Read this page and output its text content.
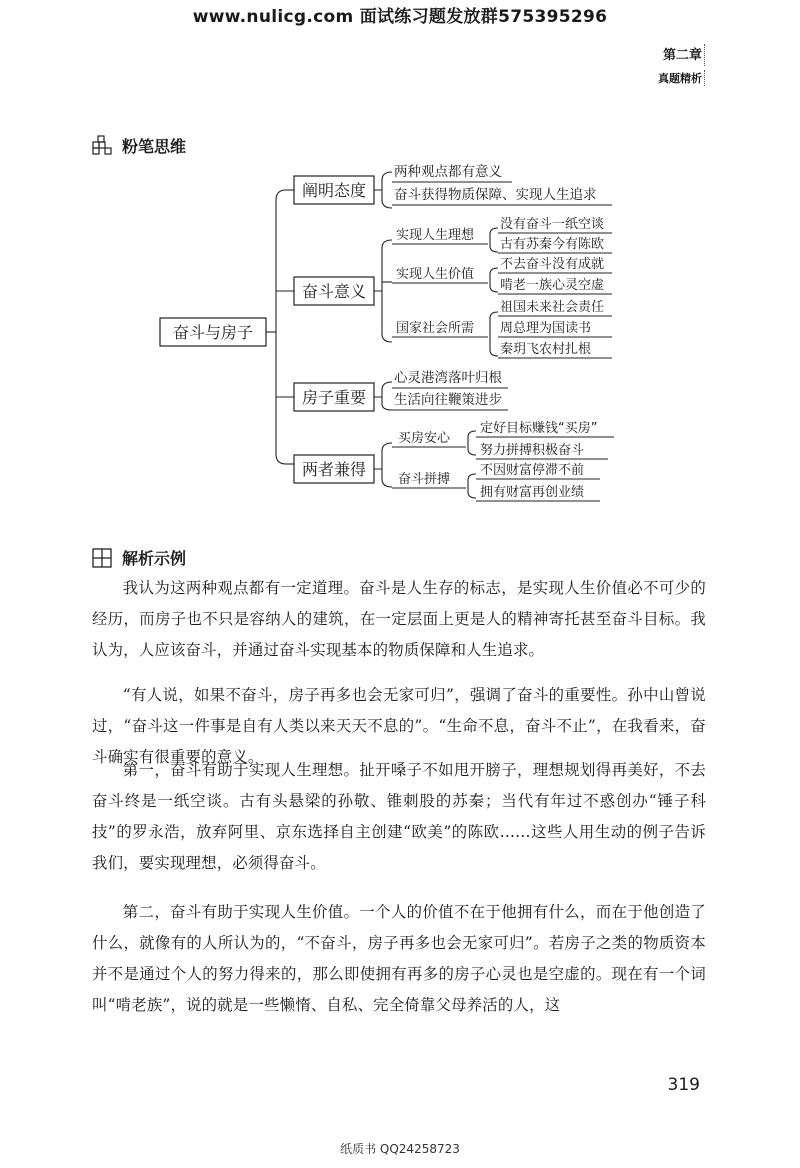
www.nulicg.com 面试练习题发放群575395296
第二章
真题精析
粉笔思维
奋斗与房子
阐明态度
两种观点都有意义
奋斗获得物质保障、实现人生追求
奋斗意义
实现人生理想
实现人生价值
国家社会所需
没有奋斗一纸空谈
古有苏秦今有陈欧
不去奋斗没有成就
啃老一族心灵空虚
祖国未来社会责任
周总理为国读书
秦玥飞农村扎根
房子重要
心灵港湾落叶归根
生活向往鞭策进步
两者兼得
买房安心
奋斗拼搏
定好目标赚钱“买房”
努力拼搏积极奋斗
不因财富停滞不前
拥有财富再创业绩
解析示例

我认为这两种观点都有一定道理。奋斗是人生存的标志，是实现人生价值必不可少的经历，而房子也不只是容纳人的建筑，在一定层面上更是人的精神寄托甚至奋斗目标。我认为，人应该奋斗，并通过奋斗实现基本的物质保障和人生追求。

“有人说，如果不奋斗，房子再多也会无家可归”，强调了奋斗的重要性。孙中山曾说过，“奋斗这一件事是自有人类以来天天不息的”。“生命不息，奋斗不止”，在我看来，奋斗确实有很重要的意义。

第一，奋斗有助于实现人生理想。扯开嗓子不如甩开膀子，理想规划得再美好，不去奋斗终是一纸空谈。古有头悬梁的孙敬、锥刺股的苏秦；当代有年过不惑创办“锤子科技”的罗永浩，放弃阿里、京东选择自主创建“欧美”的陈欧……这些人用生动的例子告诉我们，要实现理想，必须得奋斗。

第二，奋斗有助于实现人生价值。一个人的价值不在于他拥有什么，而在于他创造了什么，就像有的人所认为的，“不奋斗，房子再多也会无家可归”。若房子之类的物质资本并不是通过个人的努力得来的，那么即使拥有再多的房子心灵也是空虚的。现在有一个词叫“啃老族”，说的就是一些懒惰、自私、完全倚靠父母养活的人，这

319
纸质书 QQ24258723
